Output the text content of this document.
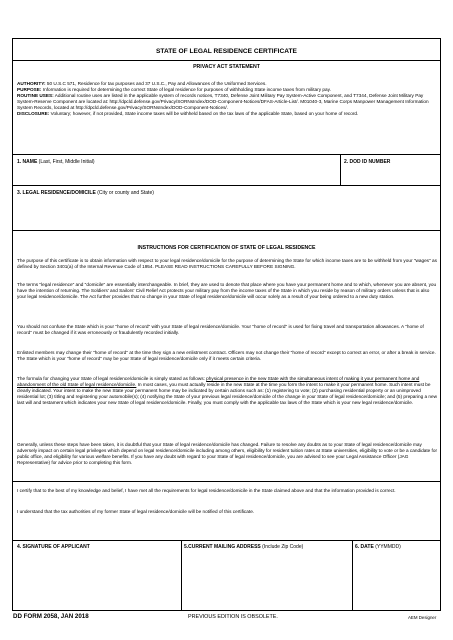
STATE OF LEGAL RESIDENCE CERTIFICATE
PRIVACY ACT STATEMENT
AUTHORITY: 50 U.S.C 571, Residence for tax purposes and 37 U.S.C., Pay and Allowances of the Uniformed Services.
PURPOSE: Information is required for determining the correct State of legal residence for purposes of withholding State income taxes from military pay.
ROUTINE USES: Additional routine uses are listed in the applicable system of records notices, T7340, Defense Joint Military Pay System-Active Component, and T7344, Defense Joint Military Pay System-Reserve Component are located at: http://dpcld.defense.gov/Privacy/SORNsIndex/DOD-Component-Notices/DFAS-Article-List/. M01040-3, Marine Corps Manpower Management Information System Records, located at http://dpcld.defense.gov/Privacy/SORNsIndex/DOD-Component-Notices/.
DISCLOSURE: Voluntary; however, if not provided, State income taxes will be withheld based on the tax laws of the applicable State, based on your home of record.
1. NAME (Last, First, Middle Initial)	2. DOD ID NUMBER
3. LEGAL RESIDENCE/DOMICILE (City or county and State)
INSTRUCTIONS FOR CERTIFICATION OF STATE OF LEGAL RESIDENCE
The purpose of this certificate is to obtain information with respect to your legal residence/domicile for the purpose of determining the State for which income taxes are to be withheld from your "wages" as defined by Section 3401(a) of the Internal Revenue Code of 1954. PLEASE READ INSTRUCTIONS CAREFULLY BEFORE SIGNING.
The terms "legal residence" and "domicile" are essentially interchangeable. In brief, they are used to denote that place where you have your permanent home and to which, whenever you are absent, you have the intention of returning. The Soldiers' and Sailors' Civil Relief Act protects your military pay from the income taxes of the State in which you reside by reason of military orders unless that is also your legal residence/domicile. The Act further provides that no change in your State of legal residence/domicile will occur solely as a result of your being ordered to a new duty station.
You should not confuse the State which is your "home of record" with your State of legal residence/domicile. Your "home of record" is used for fixing travel and transportation allowances. A "home of record" must be changed if it was erroneously or fraudulently recorded initially.
Enlisted members may change their "home of record" at the time they sign a new enlistment contract. Officers may not change their "home of record" except to correct an error, or after a break in service. The State which is your "home of record" may be your State of legal residence/domicile only if it meets certain criteria.
The formula for changing your State of legal residence/domicile is simply stated as follows: physical presence in the new State with the simultaneous intent of making it your permanent home and abandonment of the old State of legal residence/domicile. In most cases, you must actually reside in the new State at the time you form the intent to make it your permanent home. Such intent must be clearly indicated. Your intent to make the new State your permanent home may be indicated by certain actions such as: (1) registering to vote; (2) purchasing residential property or an unimproved residential lot; (3) titling and registering your automobile(s); (4) notifying the State of your previous legal residence/domicile of the change in your State of legal residence/domicile; and (5) preparing a new last will and testament which indicates your new State of legal residence/domicile. Finally, you must comply with the applicable tax laws of the State which is your new legal residence/domicile.
Generally, unless these steps have been taken, it is doubtful that your State of legal residence/domicile has changed. Failure to resolve any doubts as to your State of legal residence/domicile may adversely impact on certain legal privileges which depend on legal residence/domicile including among others, eligibility for resident tuition rates at State universities, eligibility to vote or be a candidate for public office, and eligibility for various welfare benefits. If you have any doubt with regard to your State of legal residence/domicile, you are advised to see your Legal Assistance Officer (JAG Representative) for advice prior to completing this form.
I certify that to the best of my knowledge and belief, I have met all the requirements for legal residence/domicile in the State claimed above and that the information provided is correct.
I understand that the tax authorities of my former State of legal residence/domicile will be notified of this certificate.
4. SIGNATURE OF APPLICANT	5.CURRENT MAILING ADDRESS (Include Zip Code)	6. DATE (YYMMDD)
DD FORM 2058, JAN 2018	PREVIOUS EDITION IS OBSOLETE.	AEM Designer
